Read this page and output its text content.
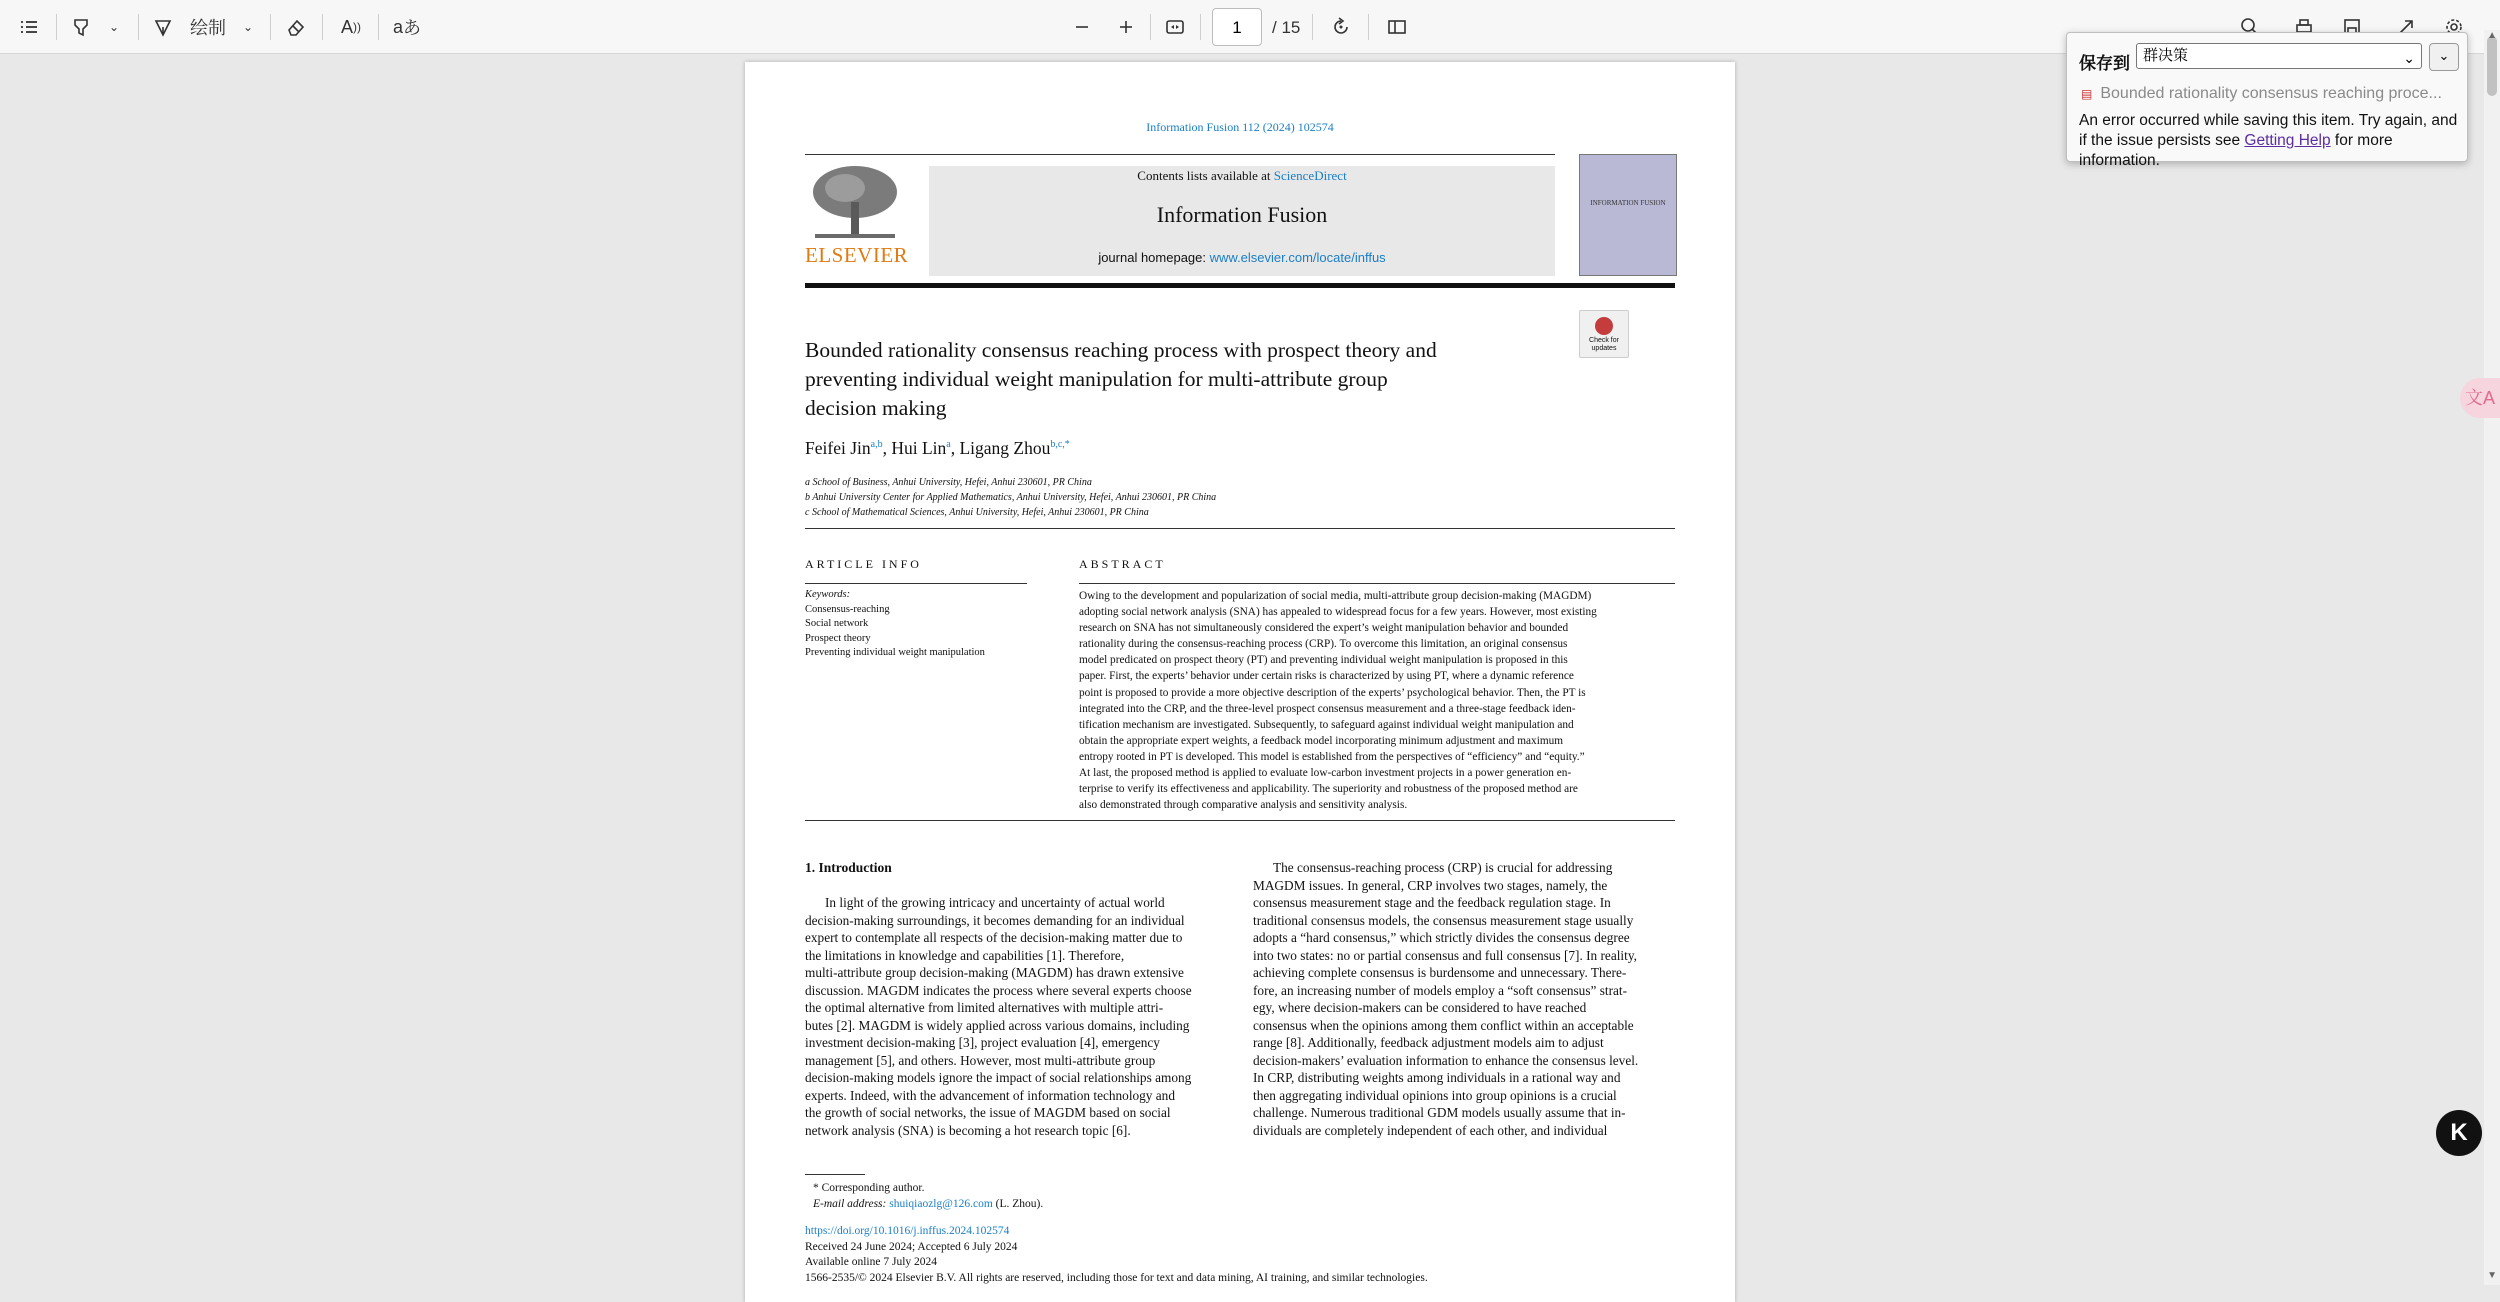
⌄	绘制	⌄	A )) a あ	1	/ 15
Information Fusion 112 (2024) 102574
ELSEVIER
Contents lists available at ScienceDirect
Information Fusion
journal homepage: www.elsevier.com/locate/inffus
INFORMATION FUSION
Check for updates
Bounded rationality consensus reaching process with prospect theory and
preventing individual weight manipulation for multi-attribute group
decision making
Feifei Jin$^{a,b}$, Hui Lin$^a$, Ligang Zhou$^{b,c,*}$
a School of Business, Anhui University, Hefei, Anhui 230601, PR China
b Anhui University Center for Applied Mathematics, Anhui University, Hefei, Anhui 230601, PR China
c School of Mathematical Sciences, Anhui University, Hefei, Anhui 230601, PR China
ARTICLE INFO
Keywords:
Consensus-reaching
Social network
Prospect theory
Preventing individual weight manipulation
ABSTRACT
Owing to the development and popularization of social media, multi-attribute group decision-making (MAGDM)
adopting social network analysis (SNA) has appealed to widespread focus for a few years. However, most existing
research on SNA has not simultaneously considered the expert’s weight manipulation behavior and bounded
rationality during the consensus-reaching process (CRP). To overcome this limitation, an original consensus
model predicated on prospect theory (PT) and preventing individual weight manipulation is proposed in this
paper. First, the experts’ behavior under certain risks is characterized by using PT, where a dynamic reference
point is proposed to provide a more objective description of the experts’ psychological behavior. Then, the PT is
integrated into the CRP, and the three-level prospect consensus measurement and a three-stage feedback iden-
tification mechanism are investigated. Subsequently, to safeguard against individual weight manipulation and
obtain the appropriate expert weights, a feedback model incorporating minimum adjustment and maximum
entropy rooted in PT is developed. This model is established from the perspectives of “efficiency” and “equity.”
At last, the proposed method is applied to evaluate low-carbon investment projects in a power generation en-
terprise to verify its effectiveness and applicability. The superiority and robustness of the proposed method are
also demonstrated through comparative analysis and sensitivity analysis.
1. Introduction
In light of the growing intricacy and uncertainty of actual world
decision-making surroundings, it becomes demanding for an individual
expert to contemplate all respects of the decision-making matter due to
the limitations in knowledge and capabilities [1]. Therefore,
multi-attribute group decision-making (MAGDM) has drawn extensive
discussion. MAGDM indicates the process where several experts choose
the optimal alternative from limited alternatives with multiple attri-
butes [2]. MAGDM is widely applied across various domains, including
investment decision-making [3], project evaluation [4], emergency
management [5], and others. However, most multi-attribute group
decision-making models ignore the impact of social relationships among
experts. Indeed, with the advancement of information technology and
the growth of social networks, the issue of MAGDM based on social
network analysis (SNA) is becoming a hot research topic [6].
The consensus-reaching process (CRP) is crucial for addressing
MAGDM issues. In general, CRP involves two stages, namely, the
consensus measurement stage and the feedback regulation stage. In
traditional consensus models, the consensus measurement stage usually
adopts a “hard consensus,” which strictly divides the consensus degree
into two states: no or partial consensus and full consensus [7]. In reality,
achieving complete consensus is burdensome and unnecessary. There-
fore, an increasing number of models employ a “soft consensus” strat-
egy, where decision-makers can be considered to have reached
consensus when the opinions among them conflict within an acceptable
range [8]. Additionally, feedback adjustment models aim to adjust
decision-makers’ evaluation information to enhance the consensus level.
In CRP, distributing weights among individuals in a rational way and
then aggregating individual opinions into group opinions is a crucial
challenge. Numerous traditional GDM models usually assume that in-
dividuals are completely independent of each other, and individual
* Corresponding author.
E-mail address: shuiqiaozlg@126.com (L. Zhou).
https://doi.org/10.1016/j.inffus.2024.102574
Received 24 June 2024; Accepted 6 July 2024
Available online 7 July 2024
1566-2535/© 2024 Elsevier B.V. All rights are reserved, including those for text and data mining, AI training, and similar technologies.
▲
▼
保存到 群决策	⌄	⌄
▤ Bounded rationality consensus reaching proce...
An error occurred while saving this item. Try again, and if the issue persists see Getting Help for more information.
文A
K
